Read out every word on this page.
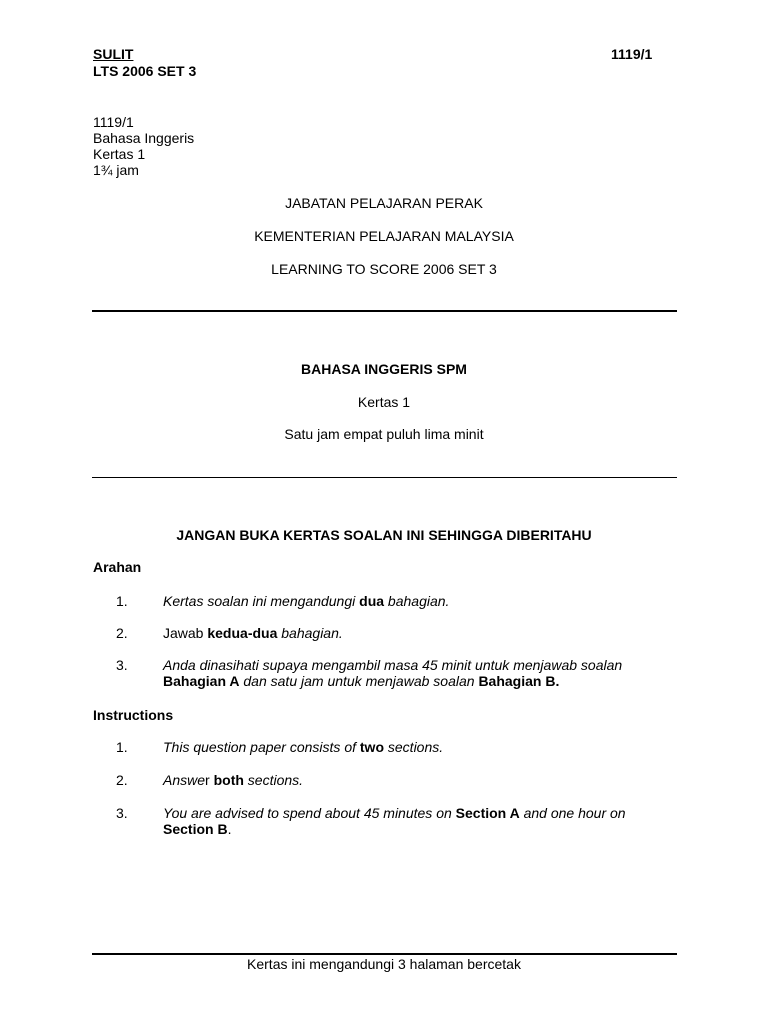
SULIT	1119/1
LTS 2006 SET 3
1119/1
Bahasa Inggeris
Kertas 1
1¾ jam
JABATAN PELAJARAN PERAK
KEMENTERIAN PELAJARAN MALAYSIA
LEARNING TO SCORE 2006 SET 3
BAHASA INGGERIS SPM
Kertas 1
Satu jam empat puluh lima minit
JANGAN BUKA KERTAS SOALAN INI SEHINGGA DIBERITAHU
Arahan
1.	Kertas soalan ini mengandungi dua bahagian.
2.	Jawab kedua-dua bahagian.
3.	Anda dinasihati supaya mengambil masa 45 minit untuk menjawab soalan
Bahagian A dan satu jam untuk menjawab soalan Bahagian B.
Instructions
1.	This question paper consists of two sections.
2.	Answer both sections.
3.	You are advised to spend about 45 minutes on Section A and one hour on
Section B.
Kertas ini mengandungi 3 halaman bercetak
